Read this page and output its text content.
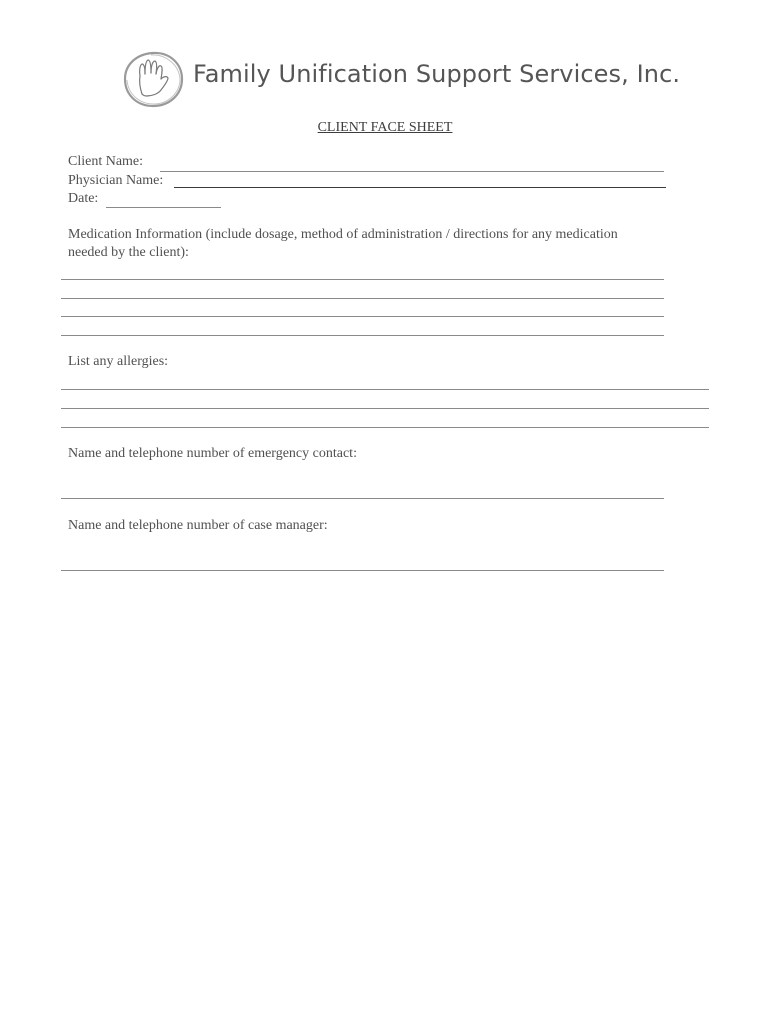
Family Unification Support Services, Inc.
CLIENT FACE SHEET
Client Name:
Physician Name:
Date:
Medication Information (include dosage, method of administration / directions for any medication
needed by the client):
List any allergies:
Name and telephone number of emergency contact:
Name and telephone number of case manager:
